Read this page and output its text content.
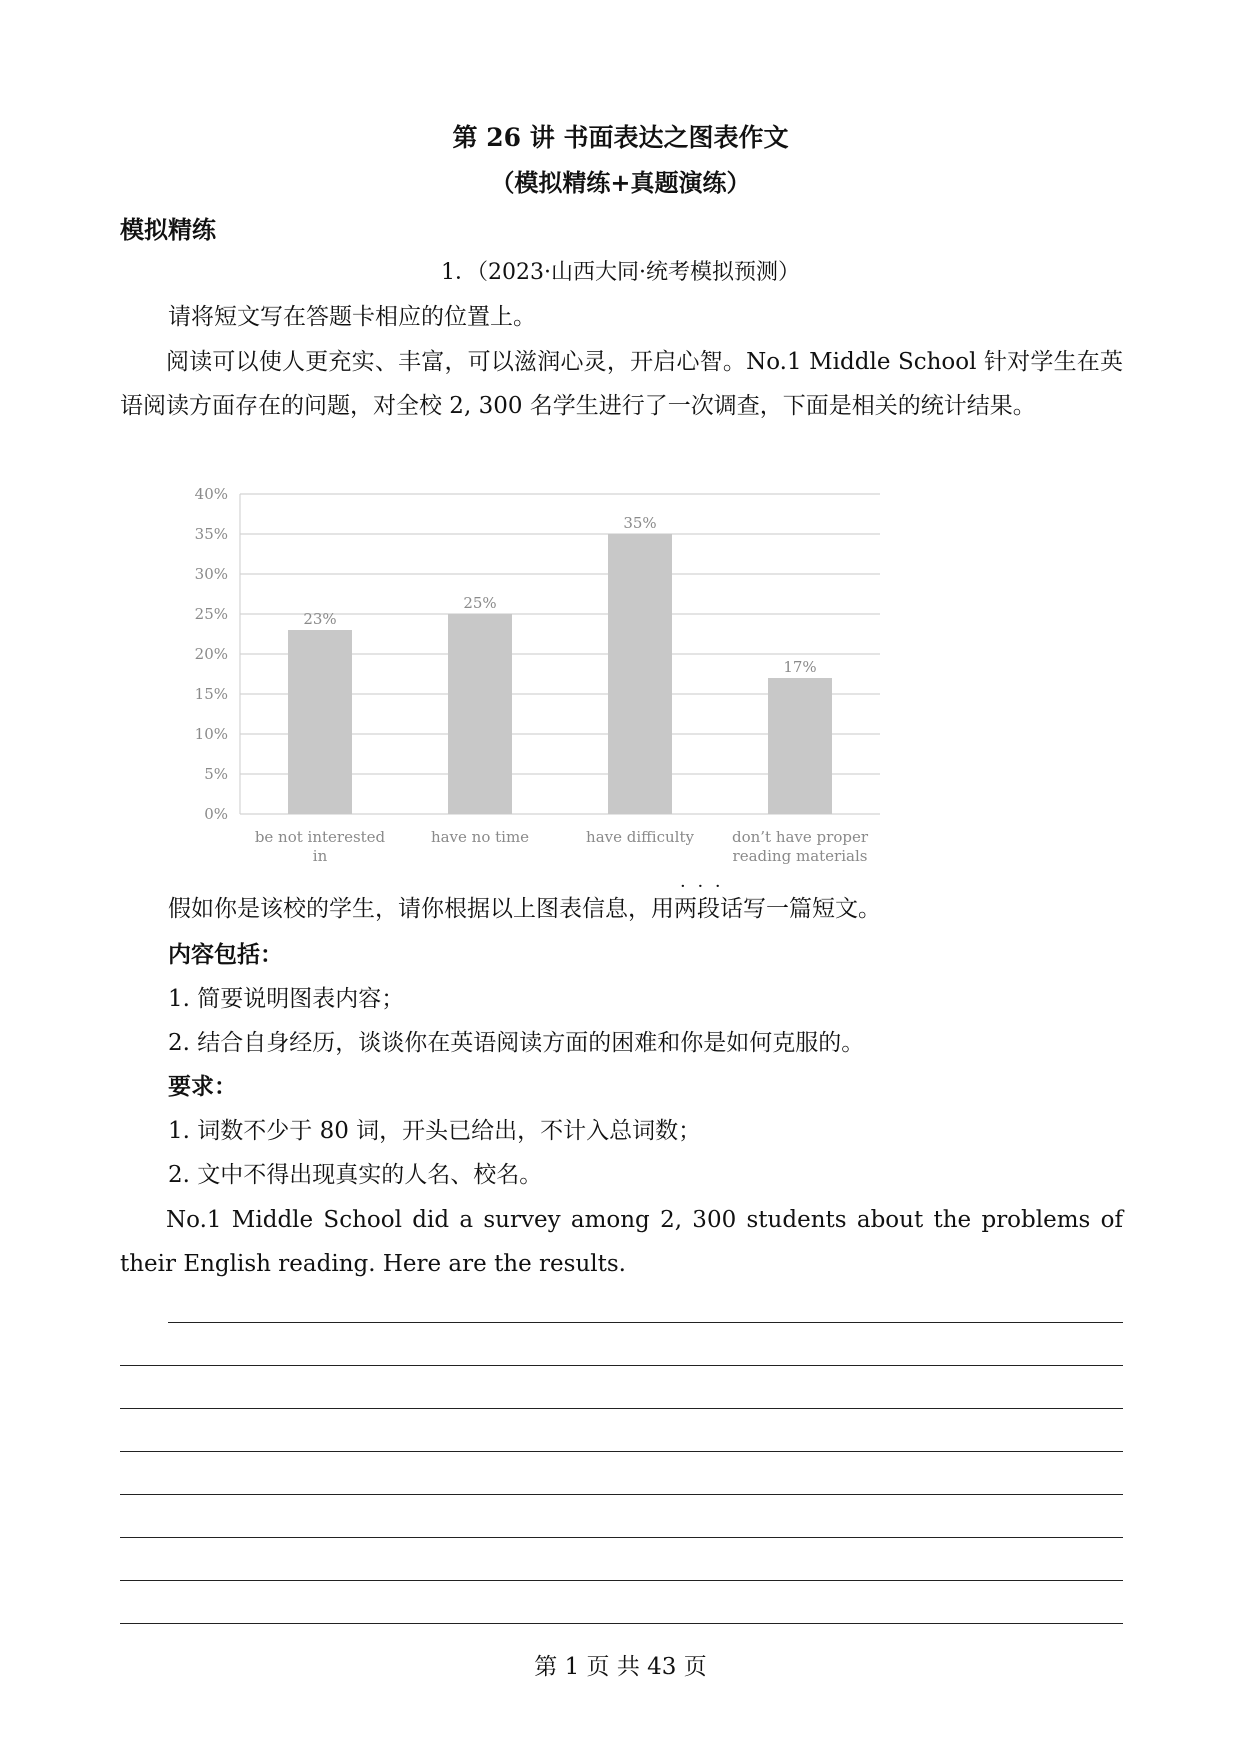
第 26 讲 书面表达之图表作文
（模拟精练+真题演练）
模拟精练
1．（2023·山西大同·统考模拟预测）
请将短文写在答题卡相应的位置上。
阅读可以使人更充实、丰富，可以滋润心灵，开启心智。No.1 Middle School 针对学生在英语阅读方面存在的问题，对全校 2, 300 名学生进行了一次调查，下面是相关的统计结果。
0%
5%
10%
15%
20%
25%
30%
35%
40%
23%
be not interested
in
25%
have no time
35%
have difficulty
17%
don’t have proper
reading materials
假如你是该校的学生，请你根据以上图表信息，用两段话 · · ·写一篇短文。
内容包括：
1. 简要说明图表内容；
2. 结合自身经历，谈谈你在英语阅读方面的困难和你是如何克服的。
要求：
1. 词数不少于 80 词，开头已给出，不计入总词数；
2. 文中不得出现真实的人名、校名。
No.1 Middle School did a survey among 2, 300 students about the problems of their English reading. Here are the results.
第 1 页 共 43 页
